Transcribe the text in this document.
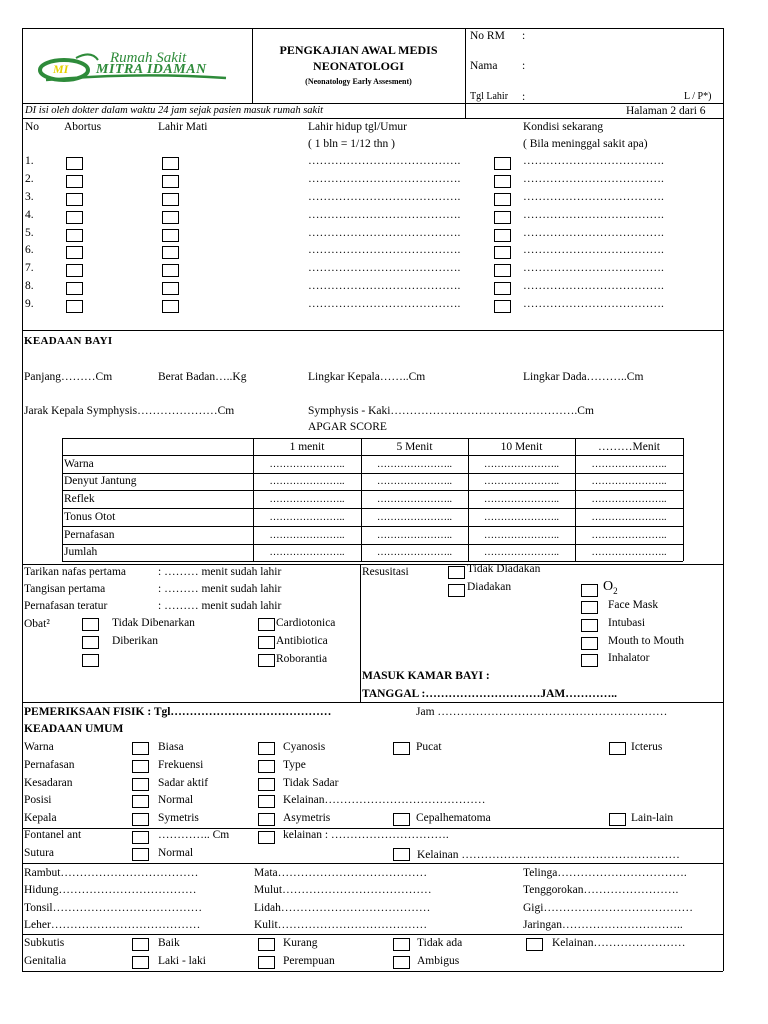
MI
Rumah Sakit
MITRA IDAMAN
PENGKAJIAN AWAL MEDIS
NEONATOLOGI
(Neonatology Early Assesment)
No RM :
Nama :
Tgl Lahir :	L / P*)
DI isi oleh dokter dalam waktu 24 jam sejak pasien masuk rumah sakit	Halaman 2 dari 6
No Abortus	Lahir Mati	Lahir hidup tgl/Umur
( 1 bln = 1/12 thn )
Kondisi sekarang
( Bila meninggal sakit apa)
1.	………………………………….	……………………………….
2.	………………………………….	……………………………….
3.	………………………………….	……………………………….
4.	………………………………….	……………………………….
5.	………………………………….	……………………………….
6.	………………………………….	……………………………….
7.	………………………………….	……………………………….
8.	………………………………….	……………………………….
9.	………………………………….	……………………………….
KEADAAN BAYI
Panjang………Cm	Berat Badan…..Kg	Lingkar Kepala……..Cm	Lingkar Dada………..Cm
Jarak Kepala Symphysis…………………Cm	Symphysis - Kaki………………………………………….Cm
APGAR SCORE
1 menit	5 Menit	10 Menit	………Menit
Warna	…………………..	…………………..	…………………..	…………………..
Denyut Jantung	…………………..	…………………..	…………………..	…………………..
Reflek	…………………..	…………………..	…………………..	…………………..
Tonus Otot	…………………..	…………………..	…………………..	…………………..
Pernafasan	…………………..	…………………..	…………………..	…………………..
Jumlah	…………………..	…………………..	…………………..	…………………..
Tarikan nafas pertama	: ……… menit sudah lahir
Tangisan pertama	: ……… menit sudah lahir
Pernafasan teratur	: ……… menit sudah lahir
Obat²	Tidak Dibenarkan
Diberikan
Cardiotonica
Antibiotica
Roborantia
Resusitasi	Tidak Diadakan
Diadakan	$O_2$
Face Mask
Intubasi
Mouth to Mouth
Inhalator
MASUK KAMAR BAYI :
TANGGAL :…………………………JAM…………..
PEMERIKSAAN FISIK : Tgl……………………………………	Jam ……………………………………………………
KEADAAN UMUM
Warna	Biasa	Cyanosis	Pucat	Icterus
Pernafasan	Frekuensi	Type
Kesadaran	Sadar aktif	Tidak Sadar
Posisi	Normal	Kelainan……………………………………
Kepala	Symetris	Asymetris	Cepalhematoma	Lain-lain
Fontanel ant	………….. Cm	kelainan : ………………………….
Sutura	Normal	Kelainan …………………………………………………
Rambut………………………………	Mata…………………………………	Telinga…………………………….
Hidung………………………………	Mulut…………………………………	Tenggorokan…………………….
Tonsil…………………………………	Lidah…………………………………	Gigi…………………………………
Leher…………………………………	Kulit…………………………………	Jaringan…………………………..
Subkutis	Baik	Kurang	Tidak ada	Kelainan……………………
Genitalia	Laki - laki	Perempuan	Ambigus
